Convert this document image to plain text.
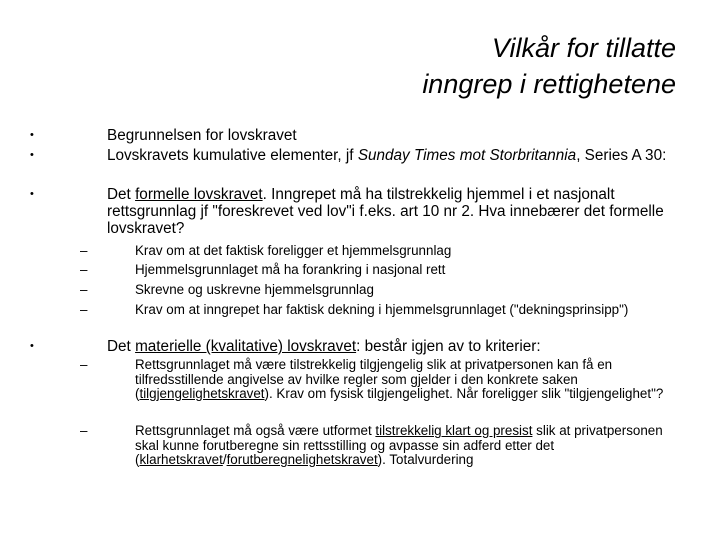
Vilkår for tillatte
inngrep i rettighetene
•	Begrunnelsen for lovskravet
•	Lovskravets kumulative elementer, jf Sunday Times mot Storbritannia, Series A 30:
•	Det formelle lovskravet. Inngrepet må ha tilstrekkelig hjemmel i et nasjonalt rettsgrunnlag jf "foreskrevet ved lov"i f.eks. art 10 nr 2. Hva innebærer det formelle lovskravet?
–	Krav om at det faktisk foreligger et hjemmelsgrunnlag
–	Hjemmelsgrunnlaget må ha forankring i nasjonal rett
–	Skrevne og uskrevne hjemmelsgrunnlag
–	Krav om at inngrepet har faktisk dekning i hjemmelsgrunnlaget ("dekningsprinsipp")
•	Det materielle (kvalitative) lovskravet: består igjen av to kriterier:
–	Rettsgrunnlaget må være tilstrekkelig tilgjengelig slik at privatpersonen kan få en tilfredsstillende angivelse av hvilke regler som gjelder i den konkrete saken (tilgjengelighetskravet). Krav om fysisk tilgjengelighet. Når foreligger slik "tilgjengelighet"?
–	Rettsgrunnlaget må også være utformet tilstrekkelig klart og presist slik at privatpersonen skal kunne forutberegne sin rettsstilling og avpasse sin adferd etter det (klarhetskravet/forutberegnelighetskravet). Totalvurdering
